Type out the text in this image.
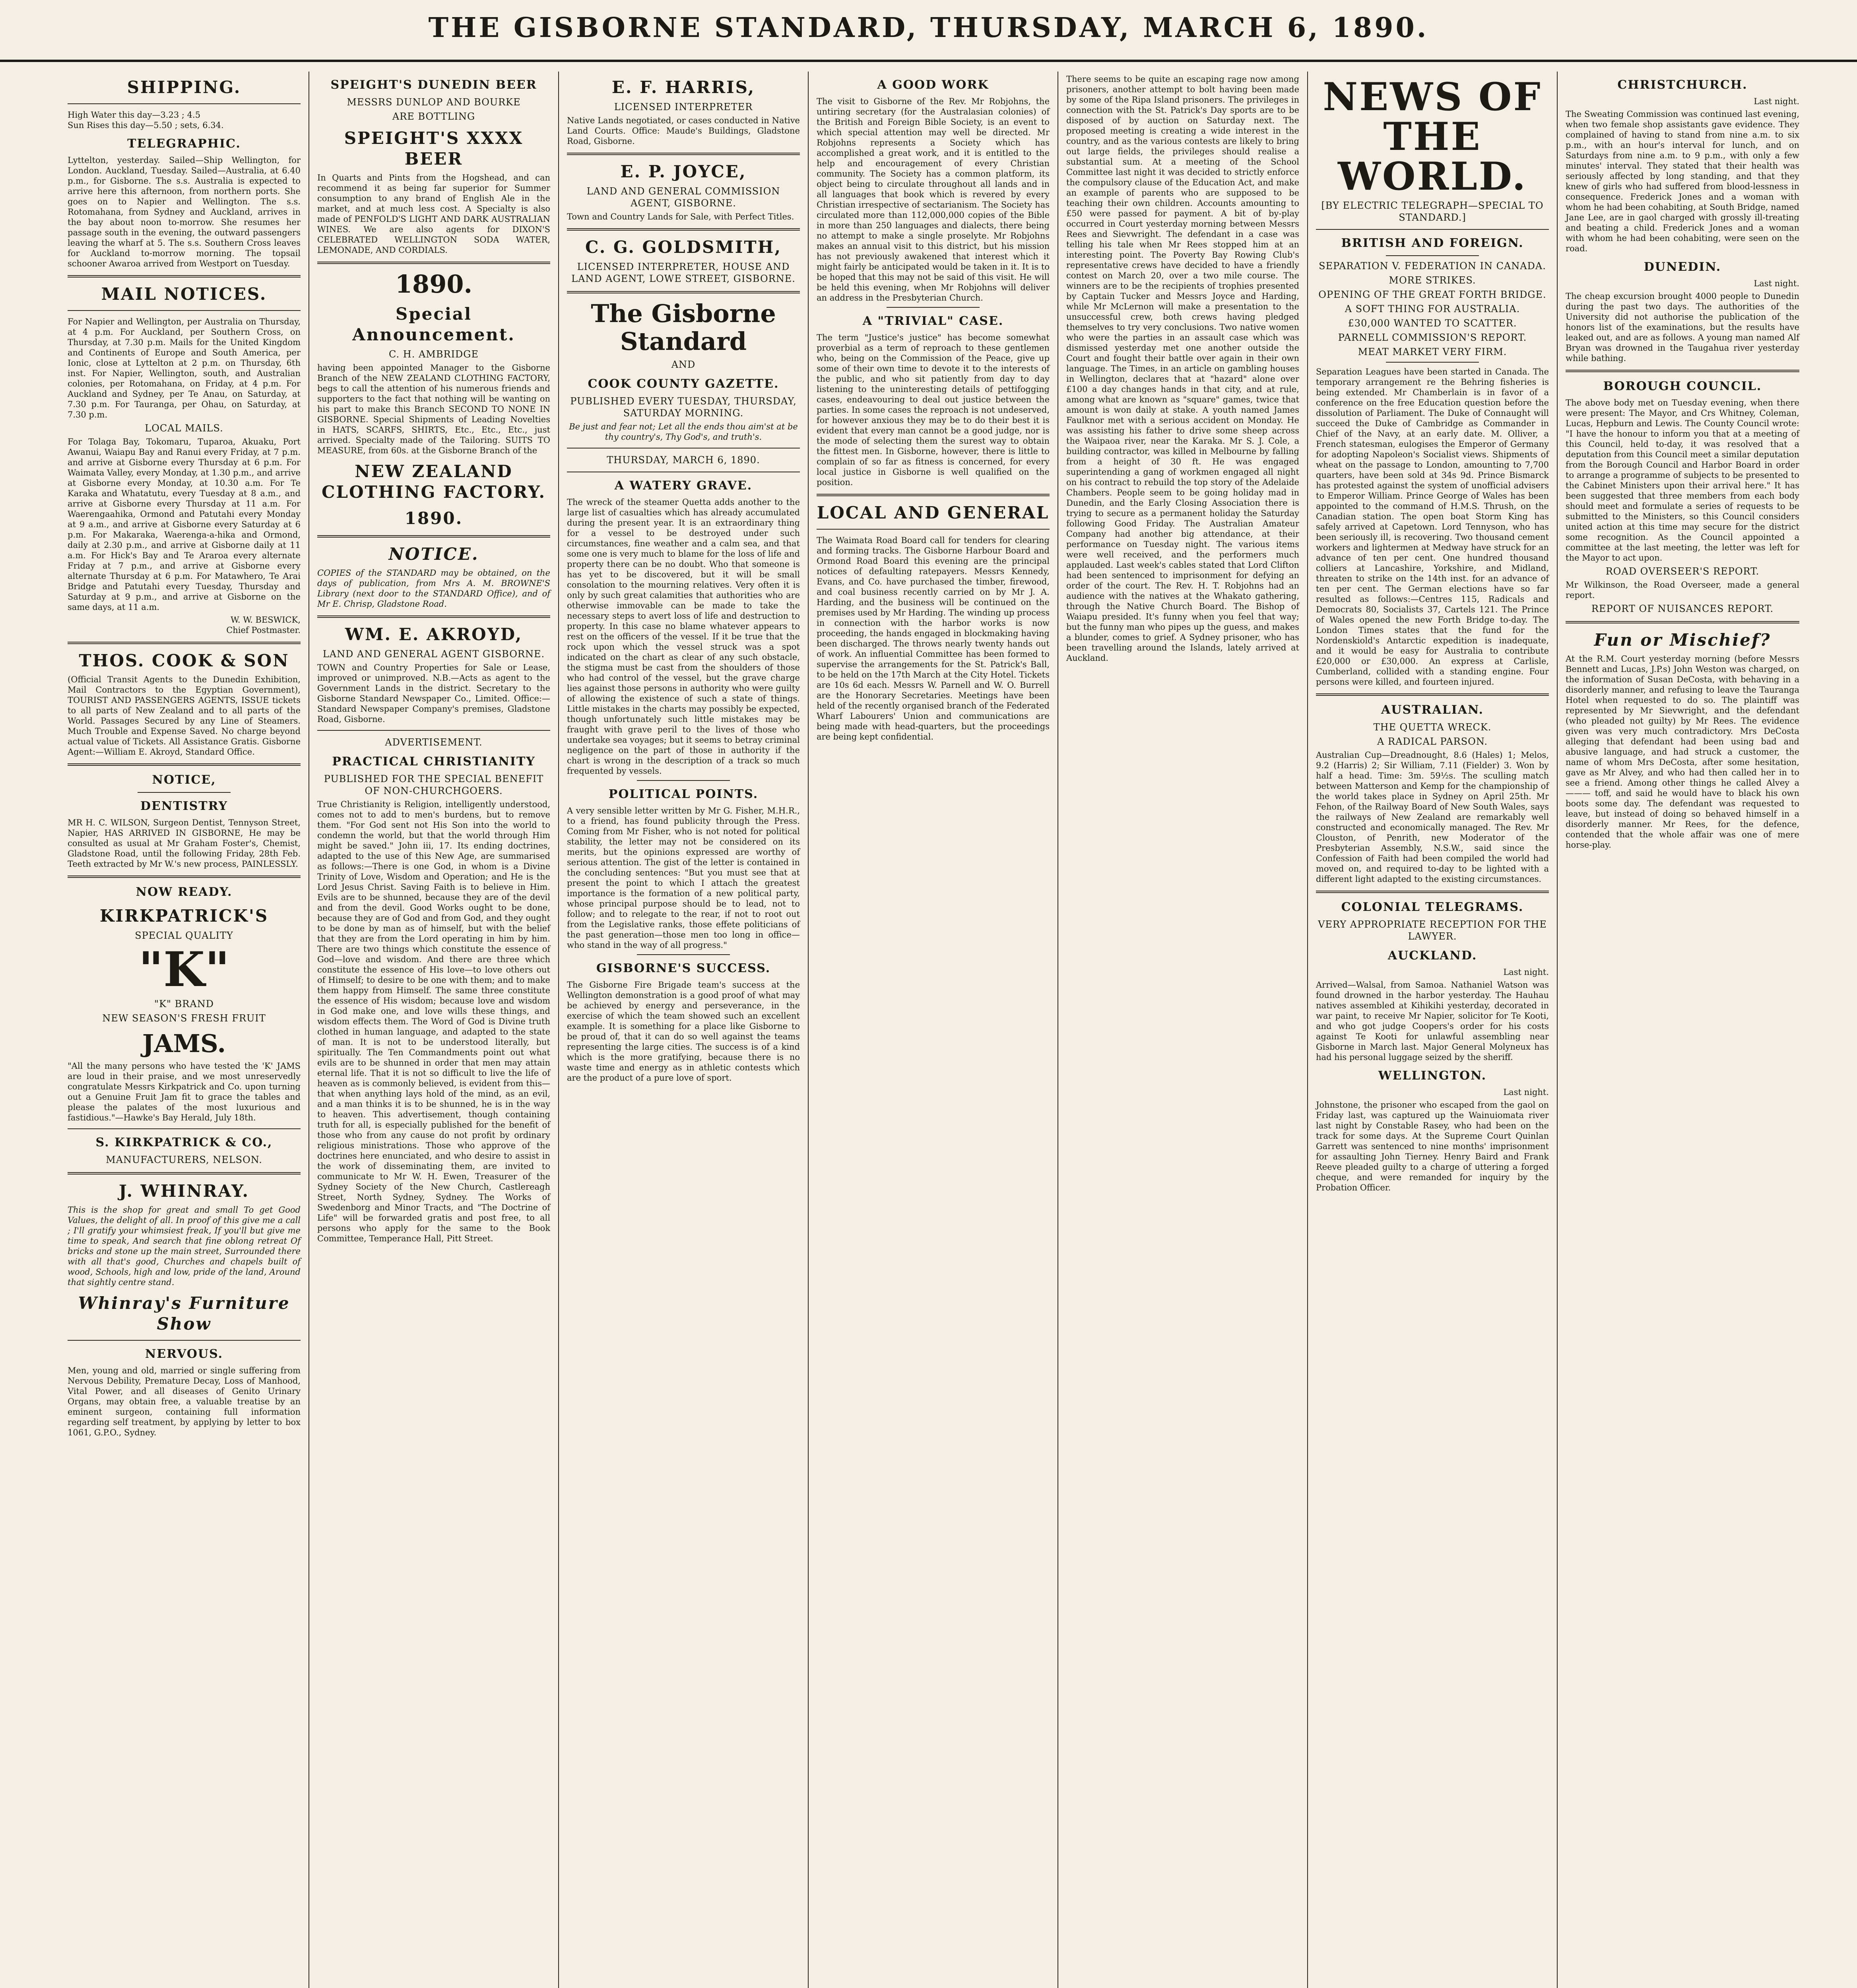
THE GISBORNE STANDARD, THURSDAY, MARCH 6, 1890.
SHIPPING.
High Water this day—3.23 ; 4.5
Sun Rises this day—5.50 ; sets, 6.34.
TELEGRAPHIC.
Lyttelton, yesterday. Sailed—Ship Wellington, for London. Auckland, Tuesday. Sailed—Australia, at 6.40 p.m., for Gisborne. The s.s. Australia is expected to arrive here this afternoon, from northern ports. She goes on to Napier and Wellington. The s.s. Rotomahana, from Sydney and Auckland, arrives in the bay about noon to-morrow. She resumes her passage south in the evening, the outward passengers leaving the wharf at 5. The s.s. Southern Cross leaves for Auckland to-morrow morning. The topsail schooner Awaroa arrived from Westport on Tuesday.
MAIL NOTICES.
For Napier and Wellington, per Australia on Thursday, at 4 p.m. For Auckland, per Southern Cross, on Thursday, at 7.30 p.m. Mails for the United Kingdom and Continents of Europe and South America, per Ionic, close at Lyttelton at 2 p.m. on Thursday, 6th inst. For Napier, Wellington, south, and Australian colonies, per Rotomahana, on Friday, at 4 p.m. For Auckland and Sydney, per Te Anau, on Saturday, at 7.30 p.m. For Tauranga, per Ohau, on Saturday, at 7.30 p.m.
LOCAL MAILS.
For Tolaga Bay, Tokomaru, Tuparoa, Akuaku, Port Awanui, Waiapu Bay and Ranui every Friday, at 7 p.m. and arrive at Gisborne every Thursday at 6 p.m. For Waimata Valley, every Monday, at 1.30 p.m., and arrive at Gisborne every Monday, at 10.30 a.m. For Te Karaka and Whatatutu, every Tuesday at 8 a.m., and arrive at Gisborne every Thursday at 11 a.m. For Waerengaahika, Ormond and Patutahi every Monday at 9 a.m., and arrive at Gisborne every Saturday at 6 p.m. For Makaraka, Waerenga-a-hika and Ormond, daily at 2.30 p.m., and arrive at Gisborne daily at 11 a.m. For Hick's Bay and Te Araroa every alternate Friday at 7 p.m., and arrive at Gisborne every alternate Thursday at 6 p.m. For Matawhero, Te Arai Bridge and Patutahi every Tuesday, Thursday and Saturday at 9 p.m., and arrive at Gisborne on the same days, at 11 a.m.
W. W. BESWICK,
Chief Postmaster.
THOS. COOK & SON
(Official Transit Agents to the Dunedin Exhibition, Mail Contractors to the Egyptian Government), TOURIST AND PASSENGERS AGENTS, ISSUE tickets to all parts of New Zealand and to all parts of the World. Passages Secured by any Line of Steamers. Much Trouble and Expense Saved. No charge beyond actual value of Tickets. All Assistance Gratis. Gisborne Agent:—William E. Akroyd, Standard Office.
NOTICE,
DENTISTRY
MR H. C. WILSON, Surgeon Dentist, Tennyson Street, Napier, HAS ARRIVED IN GISBORNE, He may be consulted as usual at Mr Graham Foster's, Chemist, Gladstone Road, until the following Friday, 28th Feb. Teeth extracted by Mr W.'s new process, PAINLESSLY.
NOW READY.
KIRKPATRICK'S
SPECIAL QUALITY
"K"
"K" BRAND
NEW SEASON'S FRESH FRUIT
JAMS.
"All the many persons who have tested the 'K' JAMS are loud in their praise, and we most unreservedly congratulate Messrs Kirkpatrick and Co. upon turning out a Genuine Fruit Jam fit to grace the tables and please the palates of the most luxurious and fastidious."—Hawke's Bay Herald, July 18th.
S. KIRKPATRICK & CO.,
MANUFACTURERS, NELSON.
J. WHINRAY.
This is the shop for great and small To get Good Values, the delight of all. In proof of this give me a call ; I'll gratify your whimsiest freak, If you'll but give me time to speak, And search that fine oblong retreat Of bricks and stone up the main street, Surrounded there with all that's good, Churches and chapels built of wood, Schools, high and low, pride of the land, Around that sightly centre stand.
Whinray's Furniture Show
NERVOUS.
Men, young and old, married or single suffering from Nervous Debility, Premature Decay, Loss of Manhood, Vital Power, and all diseases of Genito Urinary Organs, may obtain free, a valuable treatise by an eminent surgeon, containing full information regarding self treatment, by applying by letter to box 1061, G.P.O., Sydney.
SPEIGHT'S DUNEDIN BEER
MESSRS DUNLOP AND BOURKE
ARE BOTTLING
SPEIGHT'S XXXX BEER
In Quarts and Pints from the Hogshead, and can recommend it as being far superior for Summer consumption to any brand of English Ale in the market, and at much less cost. A Specialty is also made of PENFOLD'S LIGHT AND DARK AUSTRALIAN WINES. We are also agents for DIXON'S CELEBRATED WELLINGTON SODA WATER, LEMONADE, AND CORDIALS.
1890.
Special Announcement.
C. H. AMBRIDGE
having been appointed Manager to the Gisborne Branch of the NEW ZEALAND CLOTHING FACTORY, begs to call the attention of his numerous friends and supporters to the fact that nothing will be wanting on his part to make this Branch SECOND TO NONE IN GISBORNE. Special Shipments of Leading Novelties in HATS, SCARFS, SHIRTS, Etc., Etc., Etc., just arrived. Specialty made of the Tailoring. SUITS TO MEASURE, from 60s. at the Gisborne Branch of the
NEW ZEALAND CLOTHING FACTORY.
1890.
NOTICE.
COPIES of the STANDARD may be obtained, on the days of publication, from Mrs A. M. BROWNE'S Library (next door to the STANDARD Office), and of Mr E. Chrisp, Gladstone Road.
WM. E. AKROYD,
LAND AND GENERAL AGENT GISBORNE.
TOWN and Country Properties for Sale or Lease, improved or unimproved. N.B.—Acts as agent to the Government Lands in the district. Secretary to the Gisborne Standard Newspaper Co., Limited. Office:—Standard Newspaper Company's premises, Gladstone Road, Gisborne.
ADVERTISEMENT.
PRACTICAL CHRISTIANITY
PUBLISHED FOR THE SPECIAL BENEFIT OF NON-CHURCHGOERS.
True Christianity is Religion, intelligently understood, comes not to add to men's burdens, but to remove them. "For God sent not His Son into the world to condemn the world, but that the world through Him might be saved." John iii, 17. Its ending doctrines, adapted to the use of this New Age, are summarised as follows:—There is one God, in whom is a Divine Trinity of Love, Wisdom and Operation; and He is the Lord Jesus Christ. Saving Faith is to believe in Him. Evils are to be shunned, because they are of the devil and from the devil. Good Works ought to be done, because they are of God and from God, and they ought to be done by man as of himself, but with the belief that they are from the Lord operating in him by him. There are two things which constitute the essence of God—love and wisdom. And there are three which constitute the essence of His love—to love others out of Himself; to desire to be one with them; and to make them happy from Himself. The same three constitute the essence of His wisdom; because love and wisdom in God make one, and love wills these things, and wisdom effects them. The Word of God is Divine truth clothed in human language, and adapted to the state of man. It is not to be understood literally, but spiritually. The Ten Commandments point out what evils are to be shunned in order that men may attain eternal life. That it is not so difficult to live the life of heaven as is commonly believed, is evident from this—that when anything lays hold of the mind, as an evil, and a man thinks it is to be shunned, he is in the way to heaven. This advertisement, though containing truth for all, is especially published for the benefit of those who from any cause do not profit by ordinary religious ministrations. Those who approve of the doctrines here enunciated, and who desire to assist in the work of disseminating them, are invited to communicate to Mr W. H. Ewen, Treasurer of the Sydney Society of the New Church, Castlereagh Street, North Sydney, Sydney. The Works of Swedenborg and Minor Tracts, and "The Doctrine of Life" will be forwarded gratis and post free, to all persons who apply for the same to the Book Committee, Temperance Hall, Pitt Street.
E. F. HARRIS,
LICENSED INTERPRETER
Native Lands negotiated, or cases conducted in Native Land Courts. Office: Maude's Buildings, Gladstone Road, Gisborne.
E. P. JOYCE,
LAND AND GENERAL COMMISSION AGENT, GISBORNE.
Town and Country Lands for Sale, with Perfect Titles.
C. G. GOLDSMITH,
LICENSED INTERPRETER, HOUSE AND LAND AGENT, LOWE STREET, GISBORNE.
The Gisborne Standard
AND
COOK COUNTY GAZETTE.
PUBLISHED EVERY TUESDAY, THURSDAY, SATURDAY MORNING.
Be just and fear not; Let all the ends thou aim'st at be thy country's, Thy God's, and truth's.
THURSDAY, MARCH 6, 1890.
A WATERY GRAVE.
The wreck of the steamer Quetta adds another to the large list of casualties which has already accumulated during the present year. It is an extraordinary thing for a vessel to be destroyed under such circumstances, fine weather and a calm sea, and that some one is very much to blame for the loss of life and property there can be no doubt. Who that someone is has yet to be discovered, but it will be small consolation to the mourning relatives. Very often it is only by such great calamities that authorities who are otherwise immovable can be made to take the necessary steps to avert loss of life and destruction to property. In this case no blame whatever appears to rest on the officers of the vessel. If it be true that the rock upon which the vessel struck was a spot indicated on the chart as clear of any such obstacle, the stigma must be cast from the shoulders of those who had control of the vessel, but the grave charge lies against those persons in authority who were guilty of allowing the existence of such a state of things. Little mistakes in the charts may possibly be expected, though unfortunately such little mistakes may be fraught with grave peril to the lives of those who undertake sea voyages; but it seems to betray criminal negligence on the part of those in authority if the chart is wrong in the description of a track so much frequented by vessels.
POLITICAL POINTS.
A very sensible letter written by Mr G. Fisher, M.H.R., to a friend, has found publicity through the Press. Coming from Mr Fisher, who is not noted for political stability, the letter may not be considered on its merits, but the opinions expressed are worthy of serious attention. The gist of the letter is contained in the concluding sentences: "But you must see that at present the point to which I attach the greatest importance is the formation of a new political party, whose principal purpose should be to lead, not to follow; and to relegate to the rear, if not to root out from the Legislative ranks, those effete politicians of the past generation—those men too long in office—who stand in the way of all progress."
GISBORNE'S SUCCESS.
The Gisborne Fire Brigade team's success at the Wellington demonstration is a good proof of what may be achieved by energy and perseverance, in the exercise of which the team showed such an excellent example. It is something for a place like Gisborne to be proud of, that it can do so well against the teams representing the large cities. The success is of a kind which is the more gratifying, because there is no waste time and energy as in athletic contests which are the product of a pure love of sport.
A GOOD WORK
The visit to Gisborne of the Rev. Mr Robjohns, the untiring secretary (for the Australasian colonies) of the British and Foreign Bible Society, is an event to which special attention may well be directed. Mr Robjohns represents a Society which has accomplished a great work, and it is entitled to the help and encouragement of every Christian community. The Society has a common platform, its object being to circulate throughout all lands and in all languages that book which is revered by every Christian irrespective of sectarianism. The Society has circulated more than 112,000,000 copies of the Bible in more than 250 languages and dialects, there being no attempt to make a single proselyte. Mr Robjohns makes an annual visit to this district, but his mission has not previously awakened that interest which it might fairly be anticipated would be taken in it. It is to be hoped that this may not be said of this visit. He will be held this evening, when Mr Robjohns will deliver an address in the Presbyterian Church.
A "TRIVIAL" CASE.
The term "Justice's justice" has become somewhat proverbial as a term of reproach to these gentlemen who, being on the Commission of the Peace, give up some of their own time to devote it to the interests of the public, and who sit patiently from day to day listening to the uninteresting details of pettifogging cases, endeavouring to deal out justice between the parties. In some cases the reproach is not undeserved, for however anxious they may be to do their best it is evident that every man cannot be a good judge, nor is the mode of selecting them the surest way to obtain the fittest men. In Gisborne, however, there is little to complain of so far as fitness is concerned, for every local justice in Gisborne is well qualified on the position.
LOCAL AND GENERAL
The Waimata Road Board call for tenders for clearing and forming tracks. The Gisborne Harbour Board and Ormond Road Board this evening are the principal notices of defaulting ratepayers. Messrs Kennedy, Evans, and Co. have purchased the timber, firewood, and coal business recently carried on by Mr J. A. Harding, and the business will be continued on the premises used by Mr Harding. The winding up process in connection with the harbor works is now proceeding, the hands engaged in blockmaking having been discharged. The throws nearly twenty hands out of work. An influential Committee has been formed to supervise the arrangements for the St. Patrick's Ball, to be held on the 17th March at the City Hotel. Tickets are 10s 6d each. Messrs W. Parnell and W. O. Burrell are the Honorary Secretaries. Meetings have been held of the recently organised branch of the Federated Wharf Labourers' Union and communications are being made with head-quarters, but the proceedings are being kept confidential.
There seems to be quite an escaping rage now among prisoners, another attempt to bolt having been made by some of the Ripa Island prisoners. The privileges in connection with the St. Patrick's Day sports are to be disposed of by auction on Saturday next. The proposed meeting is creating a wide interest in the country, and as the various contests are likely to bring out large fields, the privileges should realise a substantial sum. At a meeting of the School Committee last night it was decided to strictly enforce the compulsory clause of the Education Act, and make an example of parents who are supposed to be teaching their own children. Accounts amounting to £50 were passed for payment. A bit of by-play occurred in Court yesterday morning between Messrs Rees and Sievwright. The defendant in a case was telling his tale when Mr Rees stopped him at an interesting point. The Poverty Bay Rowing Club's representative crews have decided to have a friendly contest on March 20, over a two mile course. The winners are to be the recipients of trophies presented by Captain Tucker and Messrs Joyce and Harding, while Mr McLernon will make a presentation to the unsuccessful crew, both crews having pledged themselves to try very conclusions. Two native women who were the parties in an assault case which was dismissed yesterday met one another outside the Court and fought their battle over again in their own language. The Times, in an article on gambling houses in Wellington, declares that at "hazard" alone over £100 a day changes hands in that city, and at rule, among what are known as "square" games, twice that amount is won daily at stake. A youth named James Faulknor met with a serious accident on Monday. He was assisting his father to drive some sheep across the Waipaoa river, near the Karaka. Mr S. J. Cole, a building contractor, was killed in Melbourne by falling from a height of 30 ft. He was engaged superintending a gang of workmen engaged all night on his contract to rebuild the top story of the Adelaide Chambers. People seem to be going holiday mad in Dunedin, and the Early Closing Association there is trying to secure as a permanent holiday the Saturday following Good Friday. The Australian Amateur Company had another big attendance, at their performance on Tuesday night. The various items were well received, and the performers much applauded. Last week's cables stated that Lord Clifton had been sentenced to imprisonment for defying an order of the court. The Rev. H. T. Robjohns had an audience with the natives at the Whakato gathering, through the Native Church Board. The Bishop of Waiapu presided. It's funny when you feel that way; but the funny man who pipes up the guess, and makes a blunder, comes to grief. A Sydney prisoner, who has been travelling around the Islands, lately arrived at Auckland.
NEWS OF THE WORLD.
[BY ELECTRIC TELEGRAPH—SPECIAL TO STANDARD.]
BRITISH AND FOREIGN.
SEPARATION V. FEDERATION IN CANADA.
MORE STRIKES.
OPENING OF THE GREAT FORTH BRIDGE.
A SOFT THING FOR AUSTRALIA.
£30,000 WANTED TO SCATTER.
PARNELL COMMISSION'S REPORT.
MEAT MARKET VERY FIRM.
Separation Leagues have been started in Canada. The temporary arrangement re the Behring fisheries is being extended. Mr Chamberlain is in favor of a conference on the free Education question before the dissolution of Parliament. The Duke of Connaught will succeed the Duke of Cambridge as Commander in Chief of the Navy, at an early date. M. Olliver, a French statesman, eulogises the Emperor of Germany for adopting Napoleon's Socialist views. Shipments of wheat on the passage to London, amounting to 7,700 quarters, have been sold at 34s 9d. Prince Bismarck has protested against the system of unofficial advisers to Emperor William. Prince George of Wales has been appointed to the command of H.M.S. Thrush, on the Canadian station. The open boat Storm King has safely arrived at Capetown. Lord Tennyson, who has been seriously ill, is recovering. Two thousand cement workers and lightermen at Medway have struck for an advance of ten per cent. One hundred thousand colliers at Lancashire, Yorkshire, and Midland, threaten to strike on the 14th inst. for an advance of ten per cent. The German elections have so far resulted as follows:—Centres 115, Radicals and Democrats 80, Socialists 37, Cartels 121. The Prince of Wales opened the new Forth Bridge to-day. The London Times states that the fund for the Nordenskiold's Antarctic expedition is inadequate, and it would be easy for Australia to contribute £20,000 or £30,000. An express at Carlisle, Cumberland, collided with a standing engine. Four persons were killed, and fourteen injured.
AUSTRALIAN.
THE QUETTA WRECK.
A RADICAL PARSON.
Australian Cup—Dreadnought, 8.6 (Hales) 1; Melos, 9.2 (Harris) 2; Sir William, 7.11 (Fielder) 3. Won by half a head. Time: 3m. 59½s. The sculling match between Matterson and Kemp for the championship of the world takes place in Sydney on April 25th. Mr Fehon, of the Railway Board of New South Wales, says the railways of New Zealand are remarkably well constructed and economically managed. The Rev. Mr Clouston, of Penrith, new Moderator of the Presbyterian Assembly, N.S.W., said since the Confession of Faith had been compiled the world had moved on, and required to-day to be lighted with a different light adapted to the existing circumstances.
COLONIAL TELEGRAMS.
VERY APPROPRIATE RECEPTION FOR THE LAWYER.
AUCKLAND.
Last night.
Arrived—Walsal, from Samoa. Nathaniel Watson was found drowned in the harbor yesterday. The Hauhau natives assembled at Kihikihi yesterday, decorated in war paint, to receive Mr Napier, solicitor for Te Kooti, and who got judge Coopers's order for his costs against Te Kooti for unlawful assembling near Gisborne in March last. Major General Molyneux has had his personal luggage seized by the sheriff.
WELLINGTON.
Last night.
Johnstone, the prisoner who escaped from the gaol on Friday last, was captured up the Wainuiomata river last night by Constable Rasey, who had been on the track for some days. At the Supreme Court Quinlan Garrett was sentenced to nine months' imprisonment for assaulting John Tierney. Henry Baird and Frank Reeve pleaded guilty to a charge of uttering a forged cheque, and were remanded for inquiry by the Probation Officer.
CHRISTCHURCH.
Last night.
The Sweating Commission was continued last evening, when two female shop assistants gave evidence. They complained of having to stand from nine a.m. to six p.m., with an hour's interval for lunch, and on Saturdays from nine a.m. to 9 p.m., with only a few minutes' interval. They stated that their health was seriously affected by long standing, and that they knew of girls who had suffered from blood-lessness in consequence. Frederick Jones and a woman with whom he had been cohabiting, at South Bridge, named Jane Lee, are in gaol charged with grossly ill-treating and beating a child. Frederick Jones and a woman with whom he had been cohabiting, were seen on the road.
DUNEDIN.
Last night.
The cheap excursion brought 4000 people to Dunedin during the past two days. The authorities of the University did not authorise the publication of the honors list of the examinations, but the results have leaked out, and are as follows. A young man named Alf Bryan was drowned in the Taugahua river yesterday while bathing.
BOROUGH COUNCIL.
The above body met on Tuesday evening, when there were present: The Mayor, and Crs Whitney, Coleman, Lucas, Hepburn and Lewis. The County Council wrote: "I have the honour to inform you that at a meeting of this Council, held to-day, it was resolved that a deputation from this Council meet a similar deputation from the Borough Council and Harbor Board in order to arrange a programme of subjects to be presented to the Cabinet Ministers upon their arrival here." It has been suggested that three members from each body should meet and formulate a series of requests to be submitted to the Ministers, so this Council considers united action at this time may secure for the district some recognition. As the Council appointed a committee at the last meeting, the letter was left for the Mayor to act upon.
ROAD OVERSEER'S REPORT.
Mr Wilkinson, the Road Overseer, made a general report.
REPORT OF NUISANCES REPORT.
Fun or Mischief?
At the R.M. Court yesterday morning (before Messrs Bennett and Lucas, J.P.s) John Weston was charged, on the information of Susan DeCosta, with behaving in a disorderly manner, and refusing to leave the Tauranga Hotel when requested to do so. The plaintiff was represented by Mr Sievwright, and the defendant (who pleaded not guilty) by Mr Rees. The evidence given was very much contradictory. Mrs DeCosta alleging that defendant had been using bad and abusive language, and had struck a customer, the name of whom Mrs DeCosta, after some hesitation, gave as Mr Alvey, and who had then called her in to see a friend. Among other things he called Alvey a ——— toff, and said he would have to black his own boots some day. The defendant was requested to leave, but instead of doing so behaved himself in a disorderly manner. Mr Rees, for the defence, contended that the whole affair was one of mere horse-play.
